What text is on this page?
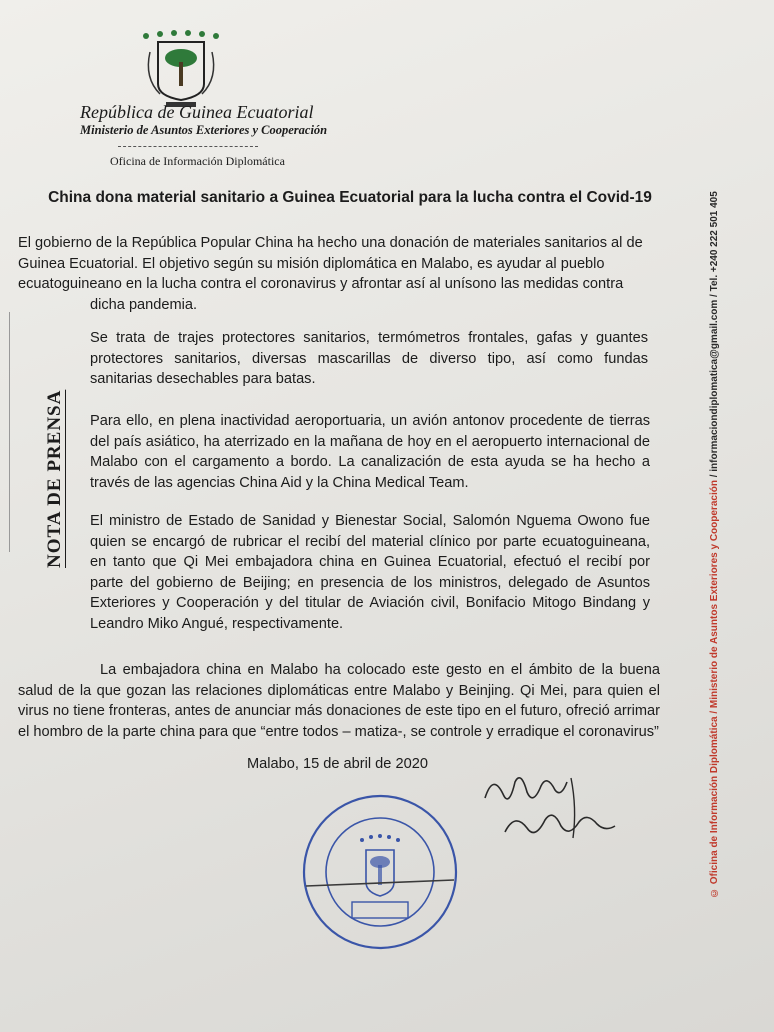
República de Guinea Ecuatorial
Ministerio de Asuntos Exteriores y Cooperación
Oficina de Información Diplomática
China dona material sanitario a Guinea Ecuatorial para la lucha contra el Covid-19

El gobierno de la República Popular China ha hecho una donación de materiales sanitarios al de Guinea Ecuatorial. El objetivo según su misión diplomática en Malabo, es ayudar al pueblo ecuatoguineano en la lucha contra el coronavirus y afrontar así al unísono las medidas contra
dicha pandemia.

Se trata de trajes protectores sanitarios, termómetros frontales, gafas y guantes protectores sanitarios, diversas mascarillas de diverso tipo, así como fundas sanitarias desechables para batas.

Para ello, en plena inactividad aeroportuaria, un avión antonov procedente de tierras del país asiático, ha aterrizado en la mañana de hoy en el aeropuerto internacional de Malabo con el cargamento a bordo. La canalización de esta ayuda se ha hecho a través de las agencias China Aid y la China Medical Team.

El ministro de Estado de Sanidad y Bienestar Social, Salomón Nguema Owono fue quien se encargó de rubricar el recibí del material clínico por parte ecuatoguineana, en tanto que Qi Mei embajadora china en Guinea Ecuatorial, efectuó el recibí por parte del gobierno de Beijing; en presencia de los ministros, delegado de Asuntos Exteriores y Cooperación y del titular de Aviación civil, Bonifacio Mitogo Bindang y Leandro Miko Angué, respectivamente.

La embajadora china en Malabo ha colocado este gesto en el ámbito de la buena salud de la que gozan las relaciones diplomáticas entre Malabo y Beinjing. Qi Mei, para quien el virus no tiene fronteras, antes de anunciar más donaciones de este tipo en el futuro, ofreció arrimar el hombro de la parte china para que “entre todos – matiza-, se controle y erradique el coronavirus”

Malabo, 15 de abril de 2020
NOTA DE PRENSA
© Oficina de Información Diplomática / Ministerio de Asuntos Exteriores y Cooperación / informaciondiplomatica@gmail.com / Tel. +240 222 501 405
